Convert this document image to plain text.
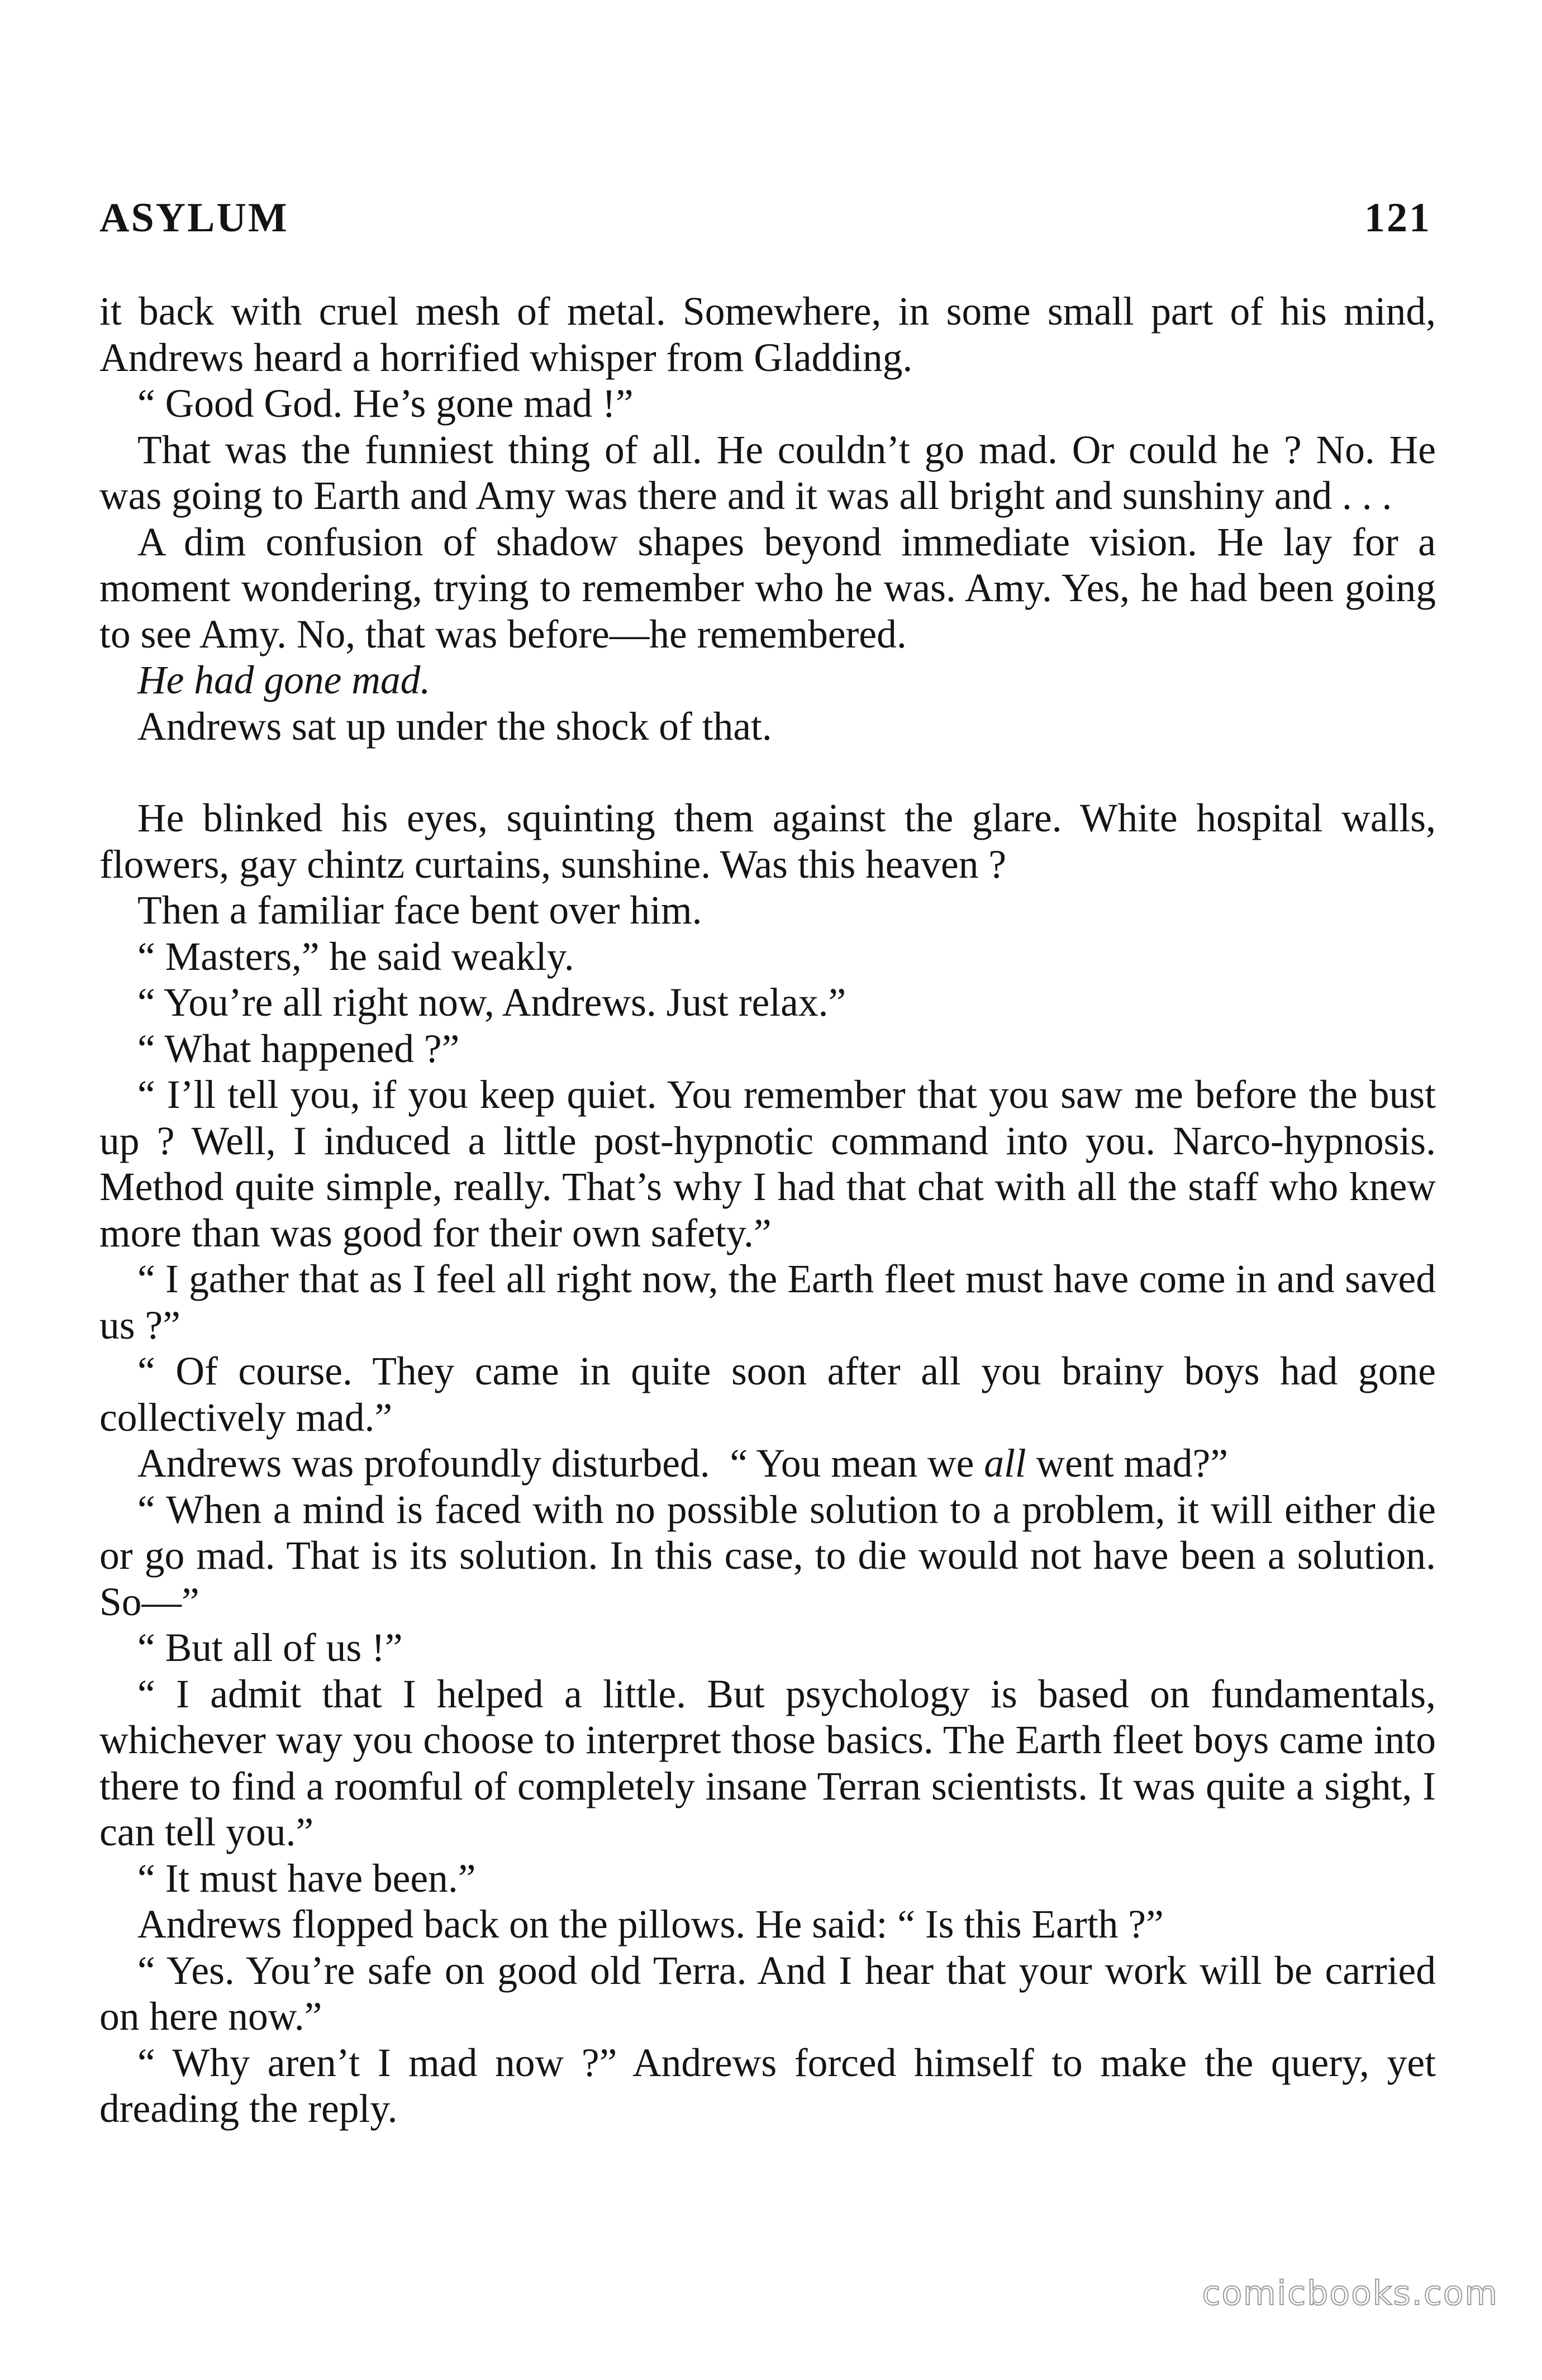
ASYLUM	121

it back with cruel mesh of metal. Somewhere, in some small part of his mind, Andrews heard a horrified whisper from Gladding.

“ Good God. He’s gone mad !”

That was the funniest thing of all. He couldn’t go mad. Or could he ? No. He was going to Earth and Amy was there and it was all bright and sunshiny and . . .

A dim confusion of shadow shapes beyond immediate vision. He lay for a moment wondering, trying to remember who he was. Amy. Yes, he had been going to see Amy. No, that was before—he remembered.

He had gone mad.

Andrews sat up under the shock of that.

He blinked his eyes, squinting them against the glare. White hospital walls, flowers, gay chintz curtains, sunshine. Was this heaven ?

Then a familiar face bent over him.

“ Masters,” he said weakly.

“ You’re all right now, Andrews. Just relax.”

“ What happened ?”

“ I’ll tell you, if you keep quiet. You remember that you saw me before the bust up ? Well, I induced a little post-hypnotic command into you. Narco-hypnosis. Method quite simple, really. That’s why I had that chat with all the staff who knew more than was good for their own safety.”

“ I gather that as I feel all right now, the Earth fleet must have come in and saved us ?”

“ Of course. They came in quite soon after all you brainy boys had gone collectively mad.”

Andrews was profoundly disturbed. “ You mean we all went mad?”

“ When a mind is faced with no possible solution to a problem, it will either die or go mad. That is its solution. In this case, to die would not have been a solution. So—”

“ But all of us !”

“ I admit that I helped a little. But psychology is based on fundamentals, whichever way you choose to interpret those basics. The Earth fleet boys came into there to find a roomful of completely insane Terran scientists. It was quite a sight, I can tell you.”

“ It must have been.”

Andrews flopped back on the pillows. He said: “ Is this Earth ?”

“ Yes. You’re safe on good old Terra. And I hear that your work will be carried on here now.”

“ Why aren’t I mad now ?” Andrews forced himself to make the query, yet dreading the reply.

comicbooks.com
